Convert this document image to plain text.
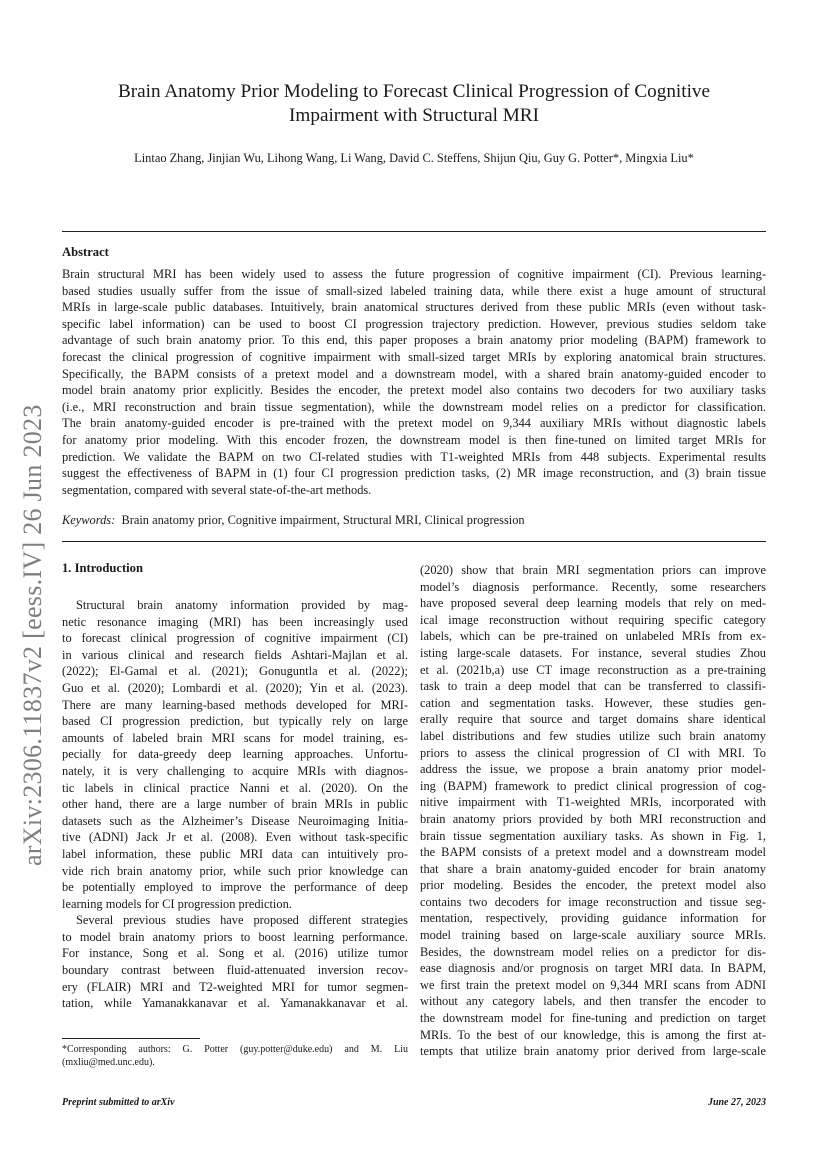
arXiv:2306.11837v2 [eess.IV] 26 Jun 2023
Brain Anatomy Prior Modeling to Forecast Clinical Progression of Cognitive
Impairment with Structural MRI
Lintao Zhang, Jinjian Wu, Lihong Wang, Li Wang, David C. Steffens, Shijun Qiu, Guy G. Potter*, Mingxia Liu*
Abstract
Brain structural MRI has been widely used to assess the future progression of cognitive impairment (CI). Previous learning-
based studies usually suffer from the issue of small-sized labeled training data, while there exist a huge amount of structural
MRIs in large-scale public databases. Intuitively, brain anatomical structures derived from these public MRIs (even without task-
specific label information) can be used to boost CI progression trajectory prediction. However, previous studies seldom take
advantage of such brain anatomy prior. To this end, this paper proposes a brain anatomy prior modeling (BAPM) framework to
forecast the clinical progression of cognitive impairment with small-sized target MRIs by exploring anatomical brain structures.
Specifically, the BAPM consists of a pretext model and a downstream model, with a shared brain anatomy-guided encoder to
model brain anatomy prior explicitly. Besides the encoder, the pretext model also contains two decoders for two auxiliary tasks
(i.e., MRI reconstruction and brain tissue segmentation), while the downstream model relies on a predictor for classification.
The brain anatomy-guided encoder is pre-trained with the pretext model on 9,344 auxiliary MRIs without diagnostic labels
for anatomy prior modeling. With this encoder frozen, the downstream model is then fine-tuned on limited target MRIs for
prediction. We validate the BAPM on two CI-related studies with T1-weighted MRIs from 448 subjects. Experimental results
suggest the effectiveness of BAPM in (1) four CI progression prediction tasks, (2) MR image reconstruction, and (3) brain tissue
segmentation, compared with several state-of-the-art methods.
Keywords: Brain anatomy prior, Cognitive impairment, Structural MRI, Clinical progression
1. Introduction
Structural brain anatomy information provided by mag-
netic resonance imaging (MRI) has been increasingly used
to forecast clinical progression of cognitive impairment (CI)
in various clinical and research fields Ashtari-Majlan et al.
(2022); El-Gamal et al. (2021); Gonuguntla et al. (2022);
Guo et al. (2020); Lombardi et al. (2020); Yin et al. (2023).
There are many learning-based methods developed for MRI-
based CI progression prediction, but typically rely on large
amounts of labeled brain MRI scans for model training, es-
pecially for data-greedy deep learning approaches. Unfortu-
nately, it is very challenging to acquire MRIs with diagnos-
tic labels in clinical practice Nanni et al. (2020). On the
other hand, there are a large number of brain MRIs in public
datasets such as the Alzheimer’s Disease Neuroimaging Initia-
tive (ADNI) Jack Jr et al. (2008). Even without task-specific
label information, these public MRI data can intuitively pro-
vide rich brain anatomy prior, while such prior knowledge can
be potentially employed to improve the performance of deep
learning models for CI progression prediction.
Several previous studies have proposed different strategies
to model brain anatomy priors to boost learning performance.
For instance, Song et al. Song et al. (2016) utilize tumor
boundary contrast between fluid-attenuated inversion recov-
ery (FLAIR) MRI and T2-weighted MRI for tumor segmen-
tation, while Yamanakkanavar et al. Yamanakkanavar et al.
(2020) show that brain MRI segmentation priors can improve
model’s diagnosis performance. Recently, some researchers
have proposed several deep learning models that rely on med-
ical image reconstruction without requiring specific category
labels, which can be pre-trained on unlabeled MRIs from ex-
isting large-scale datasets. For instance, several studies Zhou
et al. (2021b,a) use CT image reconstruction as a pre-training
task to train a deep model that can be transferred to classifi-
cation and segmentation tasks. However, these studies gen-
erally require that source and target domains share identical
label distributions and few studies utilize such brain anatomy
priors to assess the clinical progression of CI with MRI. To
address the issue, we propose a brain anatomy prior model-
ing (BAPM) framework to predict clinical progression of cog-
nitive impairment with T1-weighted MRIs, incorporated with
brain anatomy priors provided by both MRI reconstruction and
brain tissue segmentation auxiliary tasks. As shown in Fig. 1,
the BAPM consists of a pretext model and a downstream model
that share a brain anatomy-guided encoder for brain anatomy
prior modeling. Besides the encoder, the pretext model also
contains two decoders for image reconstruction and tissue seg-
mentation, respectively, providing guidance information for
model training based on large-scale auxiliary source MRIs.
Besides, the downstream model relies on a predictor for dis-
ease diagnosis and/or prognosis on target MRI data. In BAPM,
we first train the pretext model on 9,344 MRI scans from ADNI
without any category labels, and then transfer the encoder to
the downstream model for fine-tuning and prediction on target
MRIs. To the best of our knowledge, this is among the first at-
tempts that utilize brain anatomy prior derived from large-scale
*Corresponding authors: G. Potter (guy.potter@duke.edu) and M. Liu
(mxliu@med.unc.edu).
Preprint submitted to arXiv	June 27, 2023
